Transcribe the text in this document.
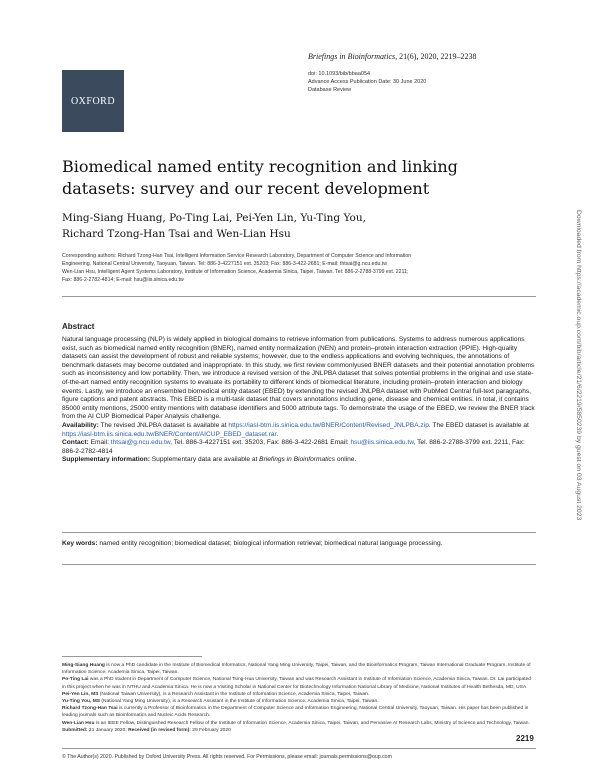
OXFORD
Briefings in Bioinformatics, 21(6), 2020, 2219–2238
doi: 10.1093/bib/bbaa054
Advance Access Publication Date: 30 June 2020
Database Review
Biomedical named entity recognition and linking
datasets: survey and our recent development
Ming-Siang Huang, Po-Ting Lai, Pei-Yen Lin, Yu-Ting You,
Richard Tzong-Han Tsai and Wen-Lian Hsu
Corresponding authors: Richard Tzong-Han Tsai, Intelligent Information Service Research Laboratory, Department of Computer Science and Information
Engineering, National Central University, Taoyuan, Taiwan. Tel: 886-3-4227151 ext. 35203; Fax: 886-3-422-2681; E-mail: thtsai@g.ncu.edu.tw
Wen-Lian Hsu, Intelligent Agent Systems Laboratory, Institute of Information Science, Academia Sinica, Taipei, Taiwan. Tel: 886-2-2788-3799 ext. 2211;
Fax: 886-2-2782-4814; E-mail: hsu@iis.sinica.edu.tw
Abstract

Natural language processing (NLP) is widely applied in biological domains to retrieve information from publications. Systems to address numerous applications exist, such as biomedical named entity recognition (BNER), named entity normalization (NEN) and protein–protein interaction extraction (PPIE). High-quality datasets can assist the development of robust and reliable systems; however, due to the endless applications and evolving techniques, the annotations of benchmark datasets may become outdated and inappropriate. In this study, we first review commonlyused BNER datasets and their potential annotation problems such as inconsistency and low portability. Then, we introduce a revised version of the JNLPBA dataset that solves potential problems in the original and use state-of-the-art named entity recognition systems to evaluate its portability to different kinds of biomedical literature, including protein–protein interaction and biology events. Lastly, we introduce an ensembled biomedical entity dataset (EBED) by extending the revised JNLPBA dataset with PubMed Central full-text paragraphs, figure captions and patent abstracts. This EBED is a multi-task dataset that covers annotations including gene, disease and chemical entities. In total, it contains 85000 entity mentions, 25000 entity mentions with database identifiers and 5000 attribute tags. To demonstrate the usage of the EBED, we review the BNER track from the AI CUP Biomedical Paper Analysis challenge.

Availability: The revised JNLPBA dataset is available at https://iasl-btm.iis.sinica.edu.tw/BNER/Content/Revised_JNLPBA.zip. The EBED dataset is available at https://iasl-btm.iis.sinica.edu.tw/BNER/Content/AICUP_EBED_dataset.rar.

Contact: Email: thtsai@g.ncu.edu.tw, Tel. 886-3-4227151 ext. 35203, Fax: 886-3-422-2681 Email: hsu@iis.sinica.edu.tw, Tel. 886-2-2788-3799 ext. 2211, Fax: 886-2-2782-4814

Supplementary information: Supplementary data are available at Briefings in Bioinformatics online.

Key words: named entity recognition; biomedical dataset; biological information retrieval; biomedical natural language processing.

Ming-Siang Huang is now a PhD candidate in the Institute of Biomedical Informatics, National Yang Ming University, Taipei, Taiwan, and the Bioinformatics Program, Taiwan International Graduate Program, Institute of Information Science, Academia Sinica, Taipei, Taiwan.

Po-Ting Lai was a PhD student in Department of Computer Science, National Tsing-Hua University, Taiwan and was Research Assistant in Institute of Information Science, Academia Sinica, Taiwan. Dr. Lai participated in this project when he was in NTHU and Academia Sinica. He is now a Visiting Scholar in National Center for Biotechnology Information National Library of Medicine, National Institutes of Health Bethesda, MD, USA

Pei-Yen Lin, MS (National Taiwan University), is a Research Assistant in the Institute of Information Science, Academia Sinica, Taipei, Taiwan.

Yu-Ting You, MS (National Yang Ming University), is a Research Assistant in the Institute of Information Science, Academia Sinica, Taipei, Taiwan.

Richard Tzong-Han Tsai is currently a Professor of Bioinformatics in the Department of Computer Science and Information Engineering, National Central University, Taoyuan, Taiwan. His paper has been published in leading journals such as Bioinformatics and Nucleic Acids Research.

Wen-Lian Hsu is an IEEE Fellow, Distinguished Research Fellow of the Institute of Information Science, Academia Sinica, Taipei, Taiwan, and Pervasive AI Research Labs, Ministry of Science and Technology, Taiwan.

Submitted: 21 January 2020; Received (in revised form): 29 February 2020

2219
© The Author(s) 2020. Published by Oxford University Press. All rights reserved. For Permissions, please email: journals.permissions@oup.com
Downloaded from https://academic.oup.com/bib/article/21/6/2219/5850239 by guest on 03 August 2023
